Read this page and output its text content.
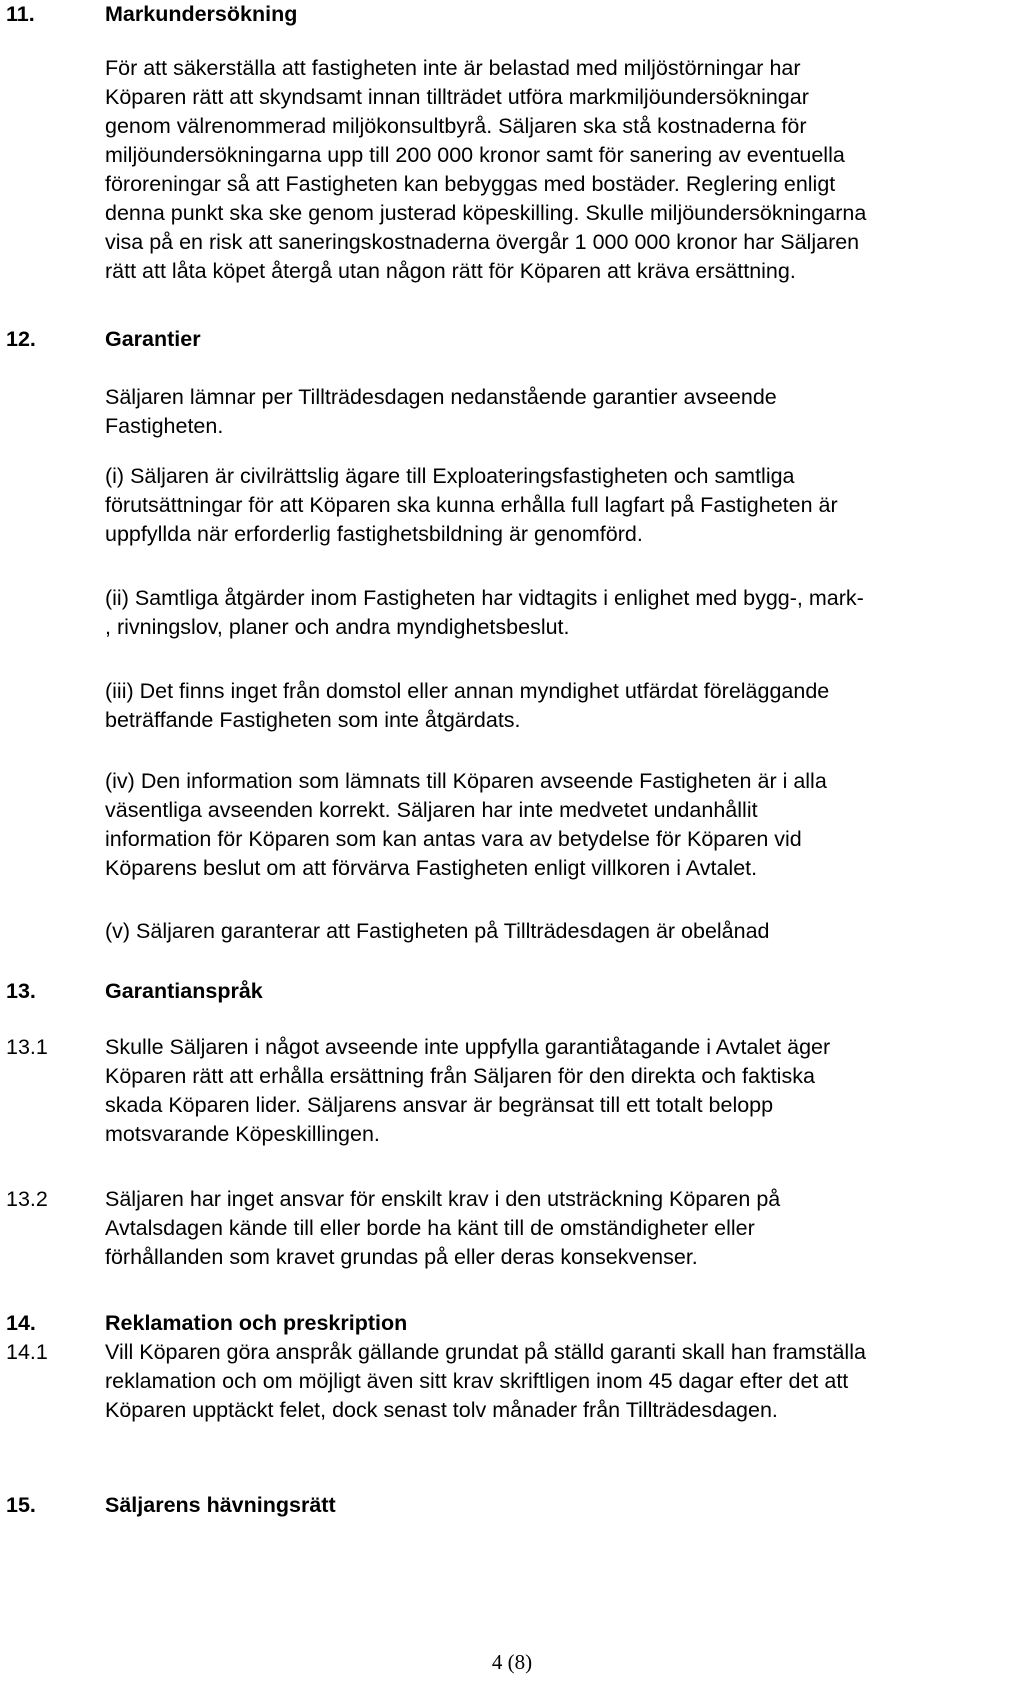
11.	Markundersökning

För att säkerställa att fastigheten inte är belastad med miljöstörningar har
Köparen rätt att skyndsamt innan tillträdet utföra markmiljöundersökningar
genom välrenommerad miljökonsultbyrå. Säljaren ska stå kostnaderna för
miljöundersökningarna upp till 200 000 kronor samt för sanering av eventuella
föroreningar så att Fastigheten kan bebyggas med bostäder. Reglering enligt
denna punkt ska ske genom justerad köpeskilling. Skulle miljöundersökningarna
visa på en risk att saneringskostnaderna övergår 1 000 000 kronor har Säljaren
rätt att låta köpet återgå utan någon rätt för Köparen att kräva ersättning.

12.	Garantier

Säljaren lämnar per Tillträdesdagen nedanstående garantier avseende
Fastigheten.

(i) Säljaren är civilrättslig ägare till Exploateringsfastigheten och samtliga
förutsättningar för att Köparen ska kunna erhålla full lagfart på Fastigheten är
uppfyllda när erforderlig fastighetsbildning är genomförd.

(ii) Samtliga åtgärder inom Fastigheten har vidtagits i enlighet med bygg-, mark-
, rivningslov, planer och andra myndighetsbeslut.

(iii) Det finns inget från domstol eller annan myndighet utfärdat föreläggande
beträffande Fastigheten som inte åtgärdats.

(iv) Den information som lämnats till Köparen avseende Fastigheten är i alla
väsentliga avseenden korrekt. Säljaren har inte medvetet undanhållit
information för Köparen som kan antas vara av betydelse för Köparen vid
Köparens beslut om att förvärva Fastigheten enligt villkoren i Avtalet.

(v) Säljaren garanterar att Fastigheten på Tillträdesdagen är obelånad

13.	Garantianspråk
13.1	Skulle Säljaren i något avseende inte uppfylla garantiåtagande i Avtalet äger
Köparen rätt att erhålla ersättning från Säljaren för den direkta och faktiska
skada Köparen lider. Säljarens ansvar är begränsat till ett totalt belopp
motsvarande Köpeskillingen.

13.2	Säljaren har inget ansvar för enskilt krav i den utsträckning Köparen på
Avtalsdagen kände till eller borde ha känt till de omständigheter eller
förhållanden som kravet grundas på eller deras konsekvenser.

14.	Reklamation och preskription
14.1	Vill Köparen göra anspråk gällande grundat på ställd garanti skall han framställa
reklamation och om möjligt även sitt krav skriftligen inom 45 dagar efter det att
Köparen upptäckt felet, dock senast tolv månader från Tillträdesdagen.

15.	Säljarens hävningsrätt
4 (8)
